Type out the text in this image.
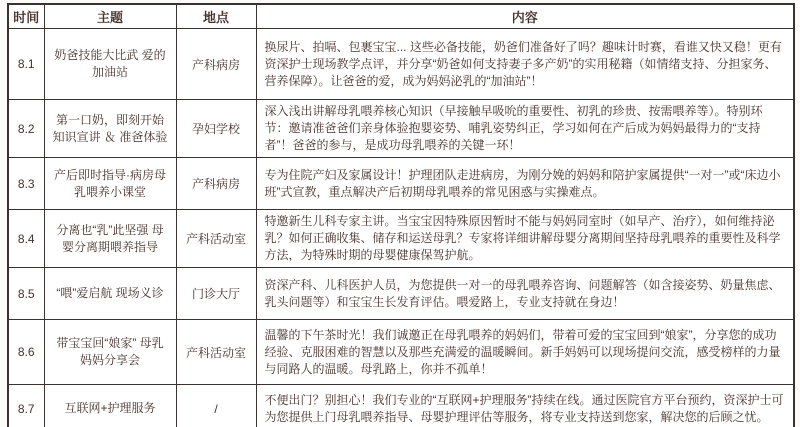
时间	主题	地点	内容
8.1	奶爸技能大比武 爱的加油站	产科病房	换尿片、拍嗝、包裹宝宝... 这些必备技能，奶爸们准备好了吗？趣味计时赛，看谁又快又稳！更有资深护士现场教学点评，并分享“奶爸如何支持妻子多产奶”的实用秘籍（如情绪支持、分担家务、营养保障）。让爸爸的爱，成为妈妈泌乳的“加油站”！
8.2	第一口奶，即刻开始 知识宣讲 ＆ 准爸体验	孕妇学校	深入浅出讲解母乳喂养核心知识（早接触早吸吮的重要性、初乳的珍贵、按需喂养等）。特别环节：邀请准爸爸们亲身体验抱婴姿势、哺乳姿势纠正，学习如何在产后成为妈妈最得力的“支持者”！爸爸的参与，是成功母乳喂养的关键一环！
8.3	产后即时指导·病房母乳喂养小课堂	产科病房	专为住院产妇及家属设计！护理团队走进病房，为刚分娩的妈妈和陪护家属提供“一对一”或“床边小班”式宣教，重点解决产后初期母乳喂养的常见困惑与实操难点。
8.4	分离也“乳”此坚强 母婴分离期喂养指导	产科活动室	特邀新生儿科专家主讲。当宝宝因特殊原因暂时不能与妈妈同室时（如早产、治疗），如何维持泌乳？如何正确收集、储存和运送母乳？专家将详细讲解母婴分离期间坚持母乳喂养的重要性及科学方法，为特殊时期的母婴健康保驾护航。
8.5	“喂”爱启航 现场义诊	门诊大厅	资深产科、儿科医护人员，为您提供一对一的母乳喂养咨询、问题解答（如含接姿势、奶量焦虑、乳头问题等）和宝宝生长发育评估。喂爱路上，专业支持就在身边！
8.6	带宝宝回“娘家” 母乳妈妈分享会	产科活动室	温馨的下午茶时光！我们诚邀正在母乳喂养的妈妈们，带着可爱的宝宝回到“娘家”，分享您的成功经验、克服困难的智慧以及那些充满爱的温暖瞬间。新手妈妈可以现场提问交流，感受榜样的力量与同路人的温暖。母乳路上，你并不孤单！
8.7	互联网+护理服务	/	不便出门？别担心！我们专业的“互联网+护理服务”持续在线。通过医院官方平台预约，资深护士可为您提供上门母乳喂养指导、母婴护理评估等服务，将专业支持送到您家，解决您的后顾之忧。
